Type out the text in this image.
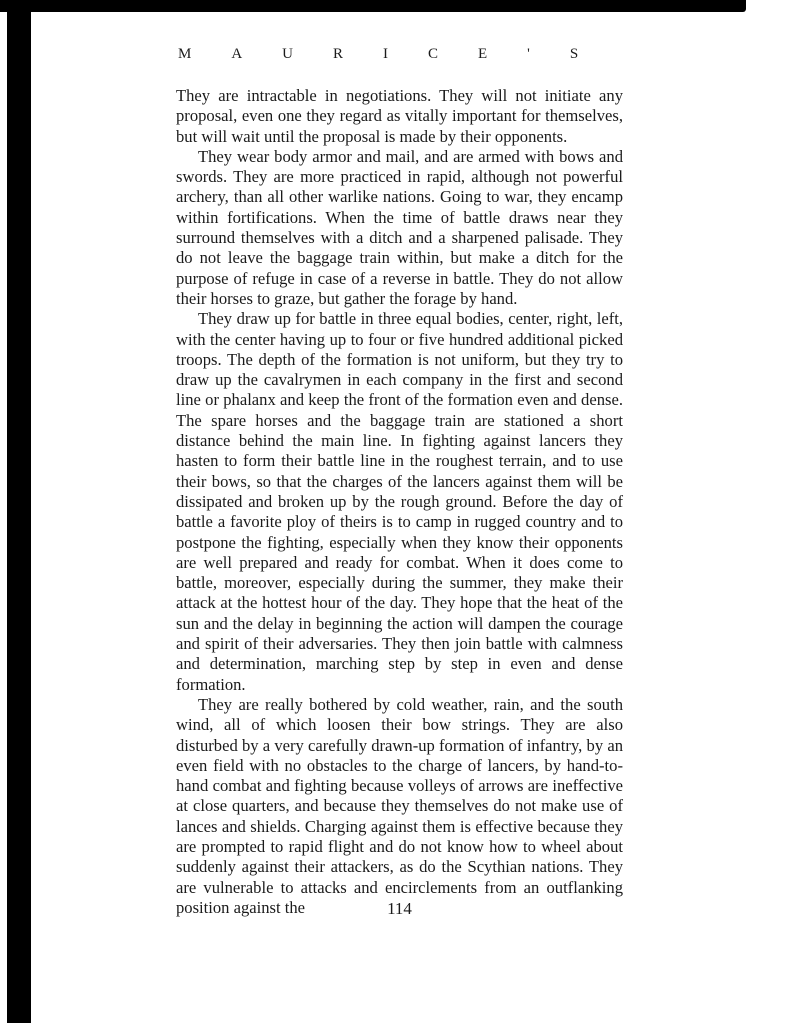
MAURICE'S

They are intractable in negotiations. They will not initiate any proposal, even one they regard as vitally important for themselves, but will wait until the proposal is made by their opponents.

They wear body armor and mail, and are armed with bows and swords. They are more practiced in rapid, although not powerful archery, than all other warlike nations. Going to war, they encamp within fortifications. When the time of battle draws near they surround themselves with a ditch and a sharpened palisade. They do not leave the baggage train within, but make a ditch for the purpose of refuge in case of a reverse in battle. They do not allow their horses to graze, but gather the forage by hand.

They draw up for battle in three equal bodies, center, right, left, with the center having up to four or five hundred additional picked troops. The depth of the formation is not uniform, but they try to draw up the cavalrymen in each company in the first and second line or phalanx and keep the front of the formation even and dense. The spare horses and the baggage train are stationed a short distance behind the main line. In fighting against lancers they hasten to form their battle line in the roughest terrain, and to use their bows, so that the charges of the lancers against them will be dissipated and broken up by the rough ground. Before the day of battle a favorite ploy of theirs is to camp in rugged country and to postpone the fighting, especially when they know their opponents are well prepared and ready for combat. When it does come to battle, moreover, especially during the summer, they make their attack at the hottest hour of the day. They hope that the heat of the sun and the delay in beginning the action will dampen the courage and spirit of their adversaries. They then join battle with calmness and determination, marching step by step in even and dense formation.

They are really bothered by cold weather, rain, and the south wind, all of which loosen their bow strings. They are also disturbed by a very carefully drawn-up formation of infantry, by an even field with no obstacles to the charge of lancers, by hand-to-hand combat and fighting because volleys of arrows are ineffective at close quarters, and because they themselves do not make use of lances and shields. Charging against them is effective because they are prompted to rapid flight and do not know how to wheel about suddenly against their attackers, as do the Scythian nations. They are vulnerable to attacks and encirclements from an outflanking position against the	114
